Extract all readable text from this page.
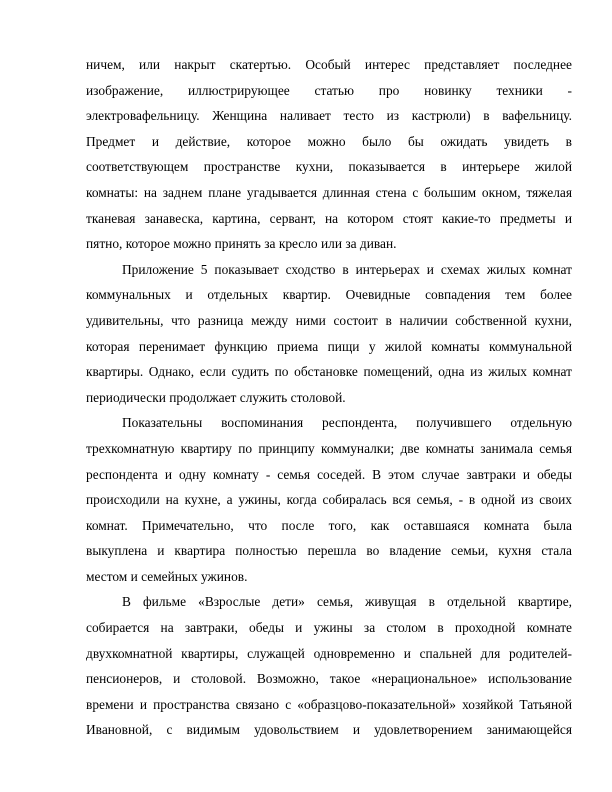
ничем, или накрыт скатертью. Особый интерес представляет последнее
изображение, иллюстрирующее статью про новинку техники -
электровафельницу. Женщина наливает тесто из кастрюли) в вафельницу.
Предмет и действие, которое можно было бы ожидать увидеть в
соответствующем пространстве кухни, показывается в интерьере жилой
комнаты: на заднем плане угадывается длинная стена с большим окном, тяжелая
тканевая занавеска, картина, сервант, на котором стоят какие-то предметы и
пятно, которое можно принять за кресло или за диван.
Приложение 5 показывает сходство в интерьерах и схемах жилых комнат
коммунальных и отдельных квартир. Очевидные совпадения тем более
удивительны, что разница между ними состоит в наличии собственной кухни,
которая перенимает функцию приема пищи у жилой комнаты коммунальной
квартиры. Однако, если судить по обстановке помещений, одна из жилых комнат
периодически продолжает служить столовой.
Показательны воспоминания респондента, получившего отдельную
трехкомнатную квартиру по принципу коммуналки; две комнаты занимала семья
респондента и одну комнату - семья соседей. В этом случае завтраки и обеды
происходили на кухне, а ужины, когда собиралась вся семья, - в одной из своих
комнат. Примечательно, что после того, как оставшаяся комната была
выкуплена и квартира полностью перешла во владение семьи, кухня стала
местом и семейных ужинов.
В фильме «Взрослые дети» семья, живущая в отдельной квартире,
собирается на завтраки, обеды и ужины за столом в проходной комнате
двухкомнатной квартиры, служащей одновременно и спальней для родителей-
пенсионеров, и столовой. Возможно, такое «нерациональное» использование
времени и пространства связано с «образцово-показательной» хозяйкой Татьяной
Ивановной, с видимым удовольствием и удовлетворением занимающейся
